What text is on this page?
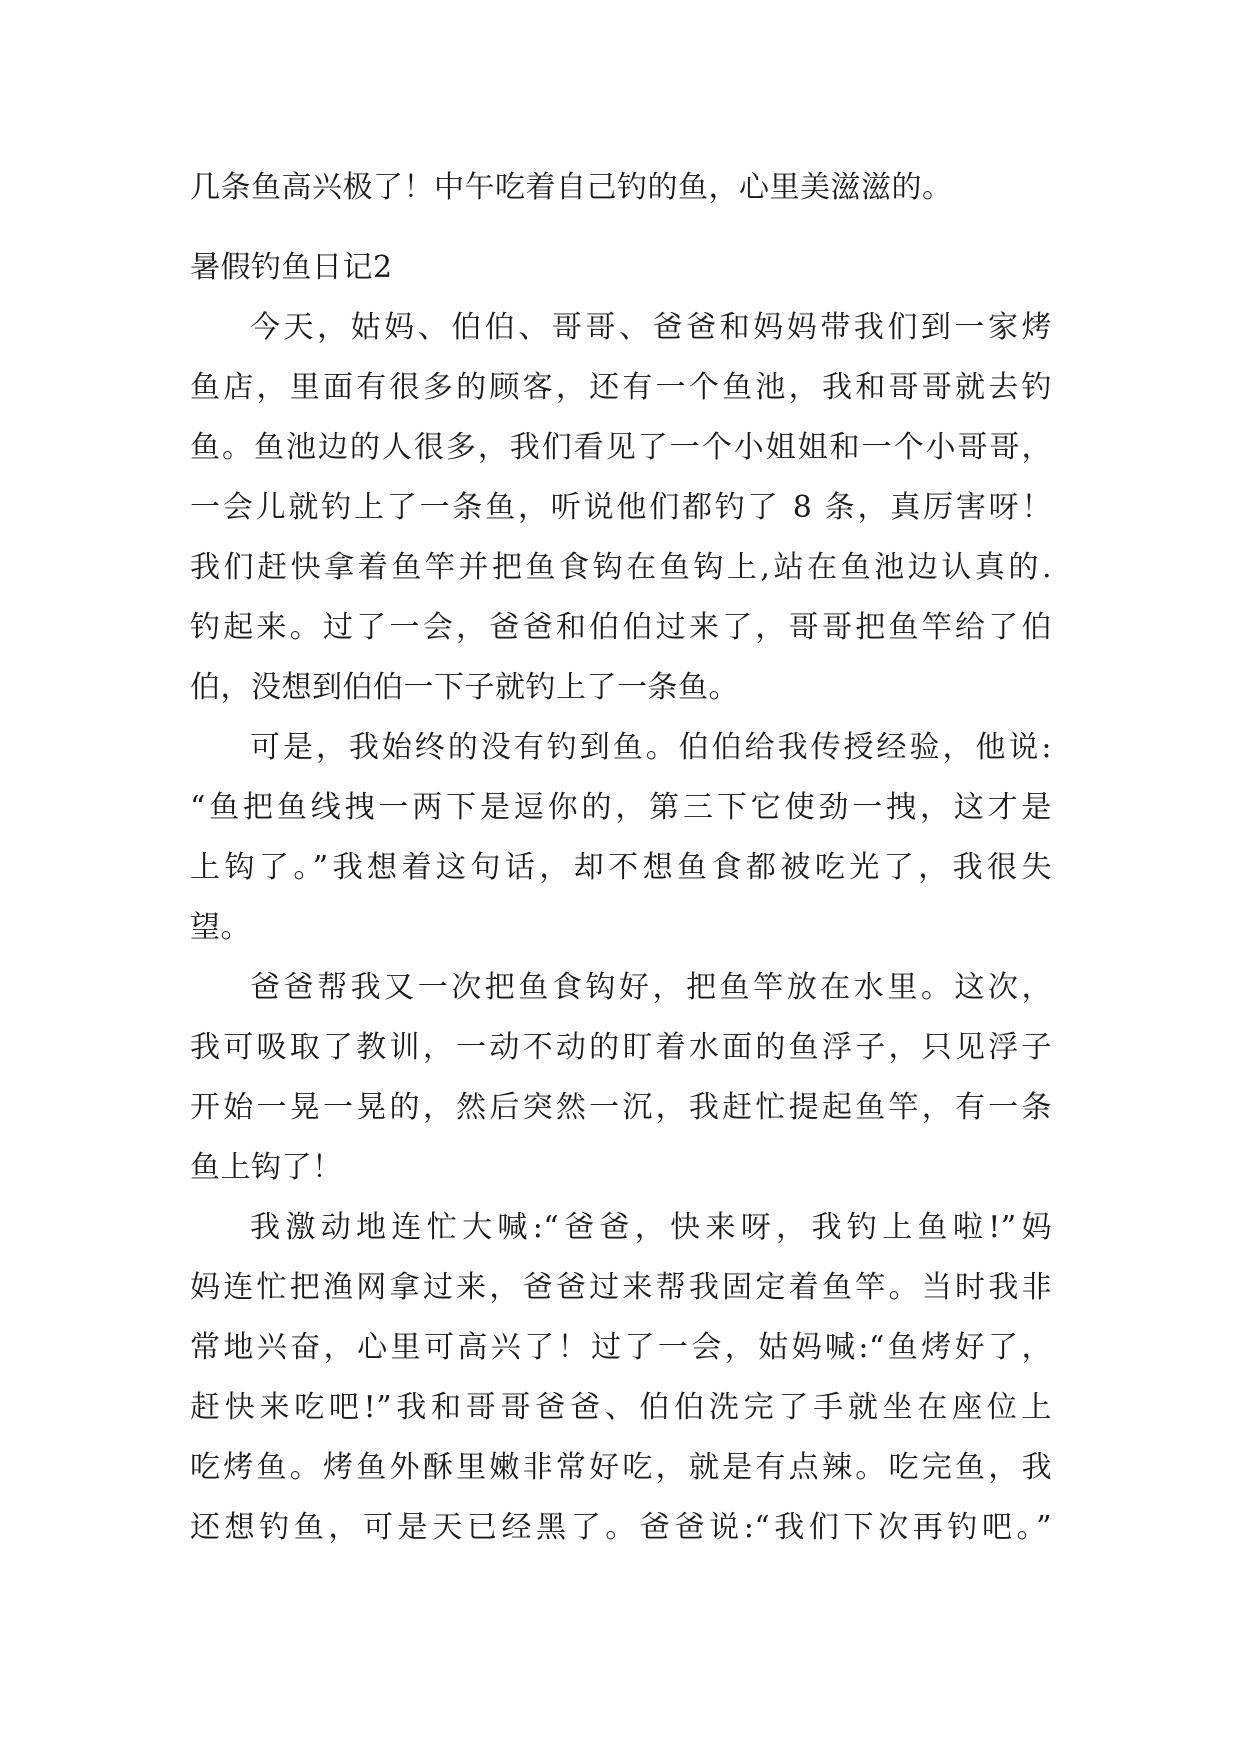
几条鱼高兴极了！中午吃着自己钓的鱼，心里美滋滋的。
暑假钓鱼日记2
今天，姑妈、伯伯、哥哥、爸爸和妈妈带我们到一家烤
鱼店，里面有很多的顾客，还有一个鱼池，我和哥哥就去钓
鱼。鱼池边的人很多，我们看见了一个小姐姐和一个小哥哥，
一会儿就钓上了一条鱼，听说他们都钓了 8 条，真厉害呀！
我们赶快拿着鱼竿并把鱼食钩在鱼钩上,站在鱼池边认真的.
钓起来。过了一会，爸爸和伯伯过来了，哥哥把鱼竿给了伯
伯，没想到伯伯一下子就钓上了一条鱼。
可是，我始终的没有钓到鱼。伯伯给我传授经验，他说:
“鱼把鱼线拽一两下是逗你的，第三下它使劲一拽，这才是
上钩了。”我想着这句话，却不想鱼食都被吃光了，我很失
望。
爸爸帮我又一次把鱼食钩好，把鱼竿放在水里。这次，
我可吸取了教训，一动不动的盯着水面的鱼浮子，只见浮子
开始一晃一晃的，然后突然一沉，我赶忙提起鱼竿，有一条
鱼上钩了！
我激动地连忙大喊:“爸爸，快来呀，我钓上鱼啦!”妈
妈连忙把渔网拿过来，爸爸过来帮我固定着鱼竿。当时我非
常地兴奋，心里可高兴了！过了一会，姑妈喊:“鱼烤好了，
赶快来吃吧!”我和哥哥爸爸、伯伯洗完了手就坐在座位上
吃烤鱼。烤鱼外酥里嫩非常好吃，就是有点辣。吃完鱼，我
还想钓鱼，可是天已经黑了。爸爸说:“我们下次再钓吧。”
